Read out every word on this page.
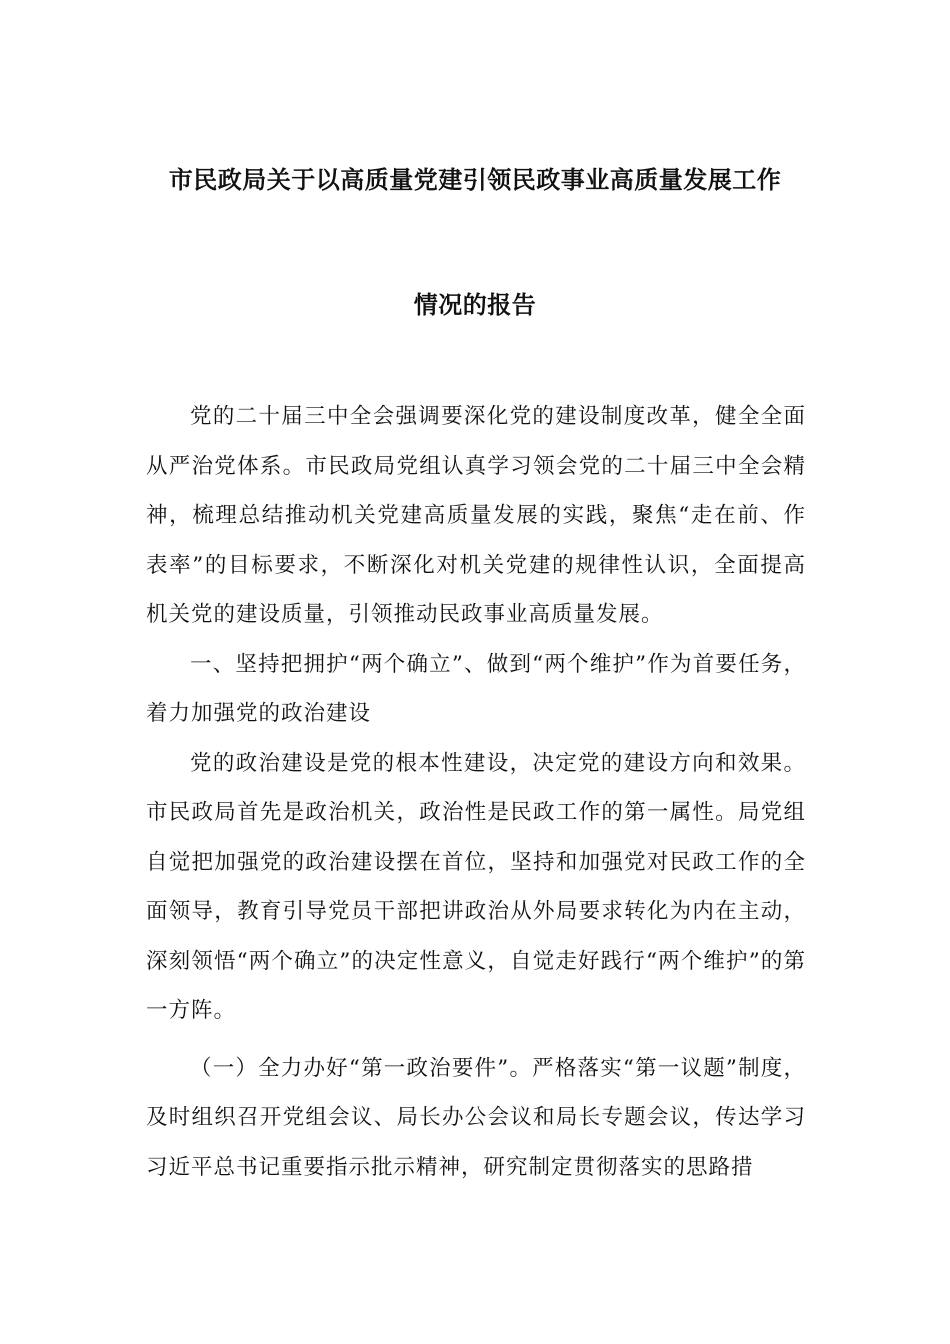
市民政局关于以高质量党建引领民政事业高质量发展工作
情况的报告

党的二十届三中全会强调要深化党的建设制度改革，健全全面从严治党体系。市民政局党组认真学习领会党的二十届三中全会精神，梳理总结推动机关党建高质量发展的实践，聚焦“走在前、作表率”的目标要求，不断深化对机关党建的规律性认识，全面提高机关党的建设质量，引领推动民政事业高质量发展。

一、坚持把拥护“两个确立”、做到“两个维护”作为首要任务，着力加强党的政治建设

党的政治建设是党的根本性建设，决定党的建设方向和效果。市民政局首先是政治机关，政治性是民政工作的第一属性。局党组自觉把加强党的政治建设摆在首位，坚持和加强党对民政工作的全面领导，教育引导党员干部把讲政治从外局要求转化为内在主动，深刻领悟“两个确立”的决定性意义，自觉走好践行“两个维护”的第一方阵。

（一）全力办好“第一政治要件”。严格落实“第一议题”制度，及时组织召开党组会议、局长办公会议和局长专题会议，传达学习习近平总书记重要指示批示精神，研究制定贯彻落实的思路措
